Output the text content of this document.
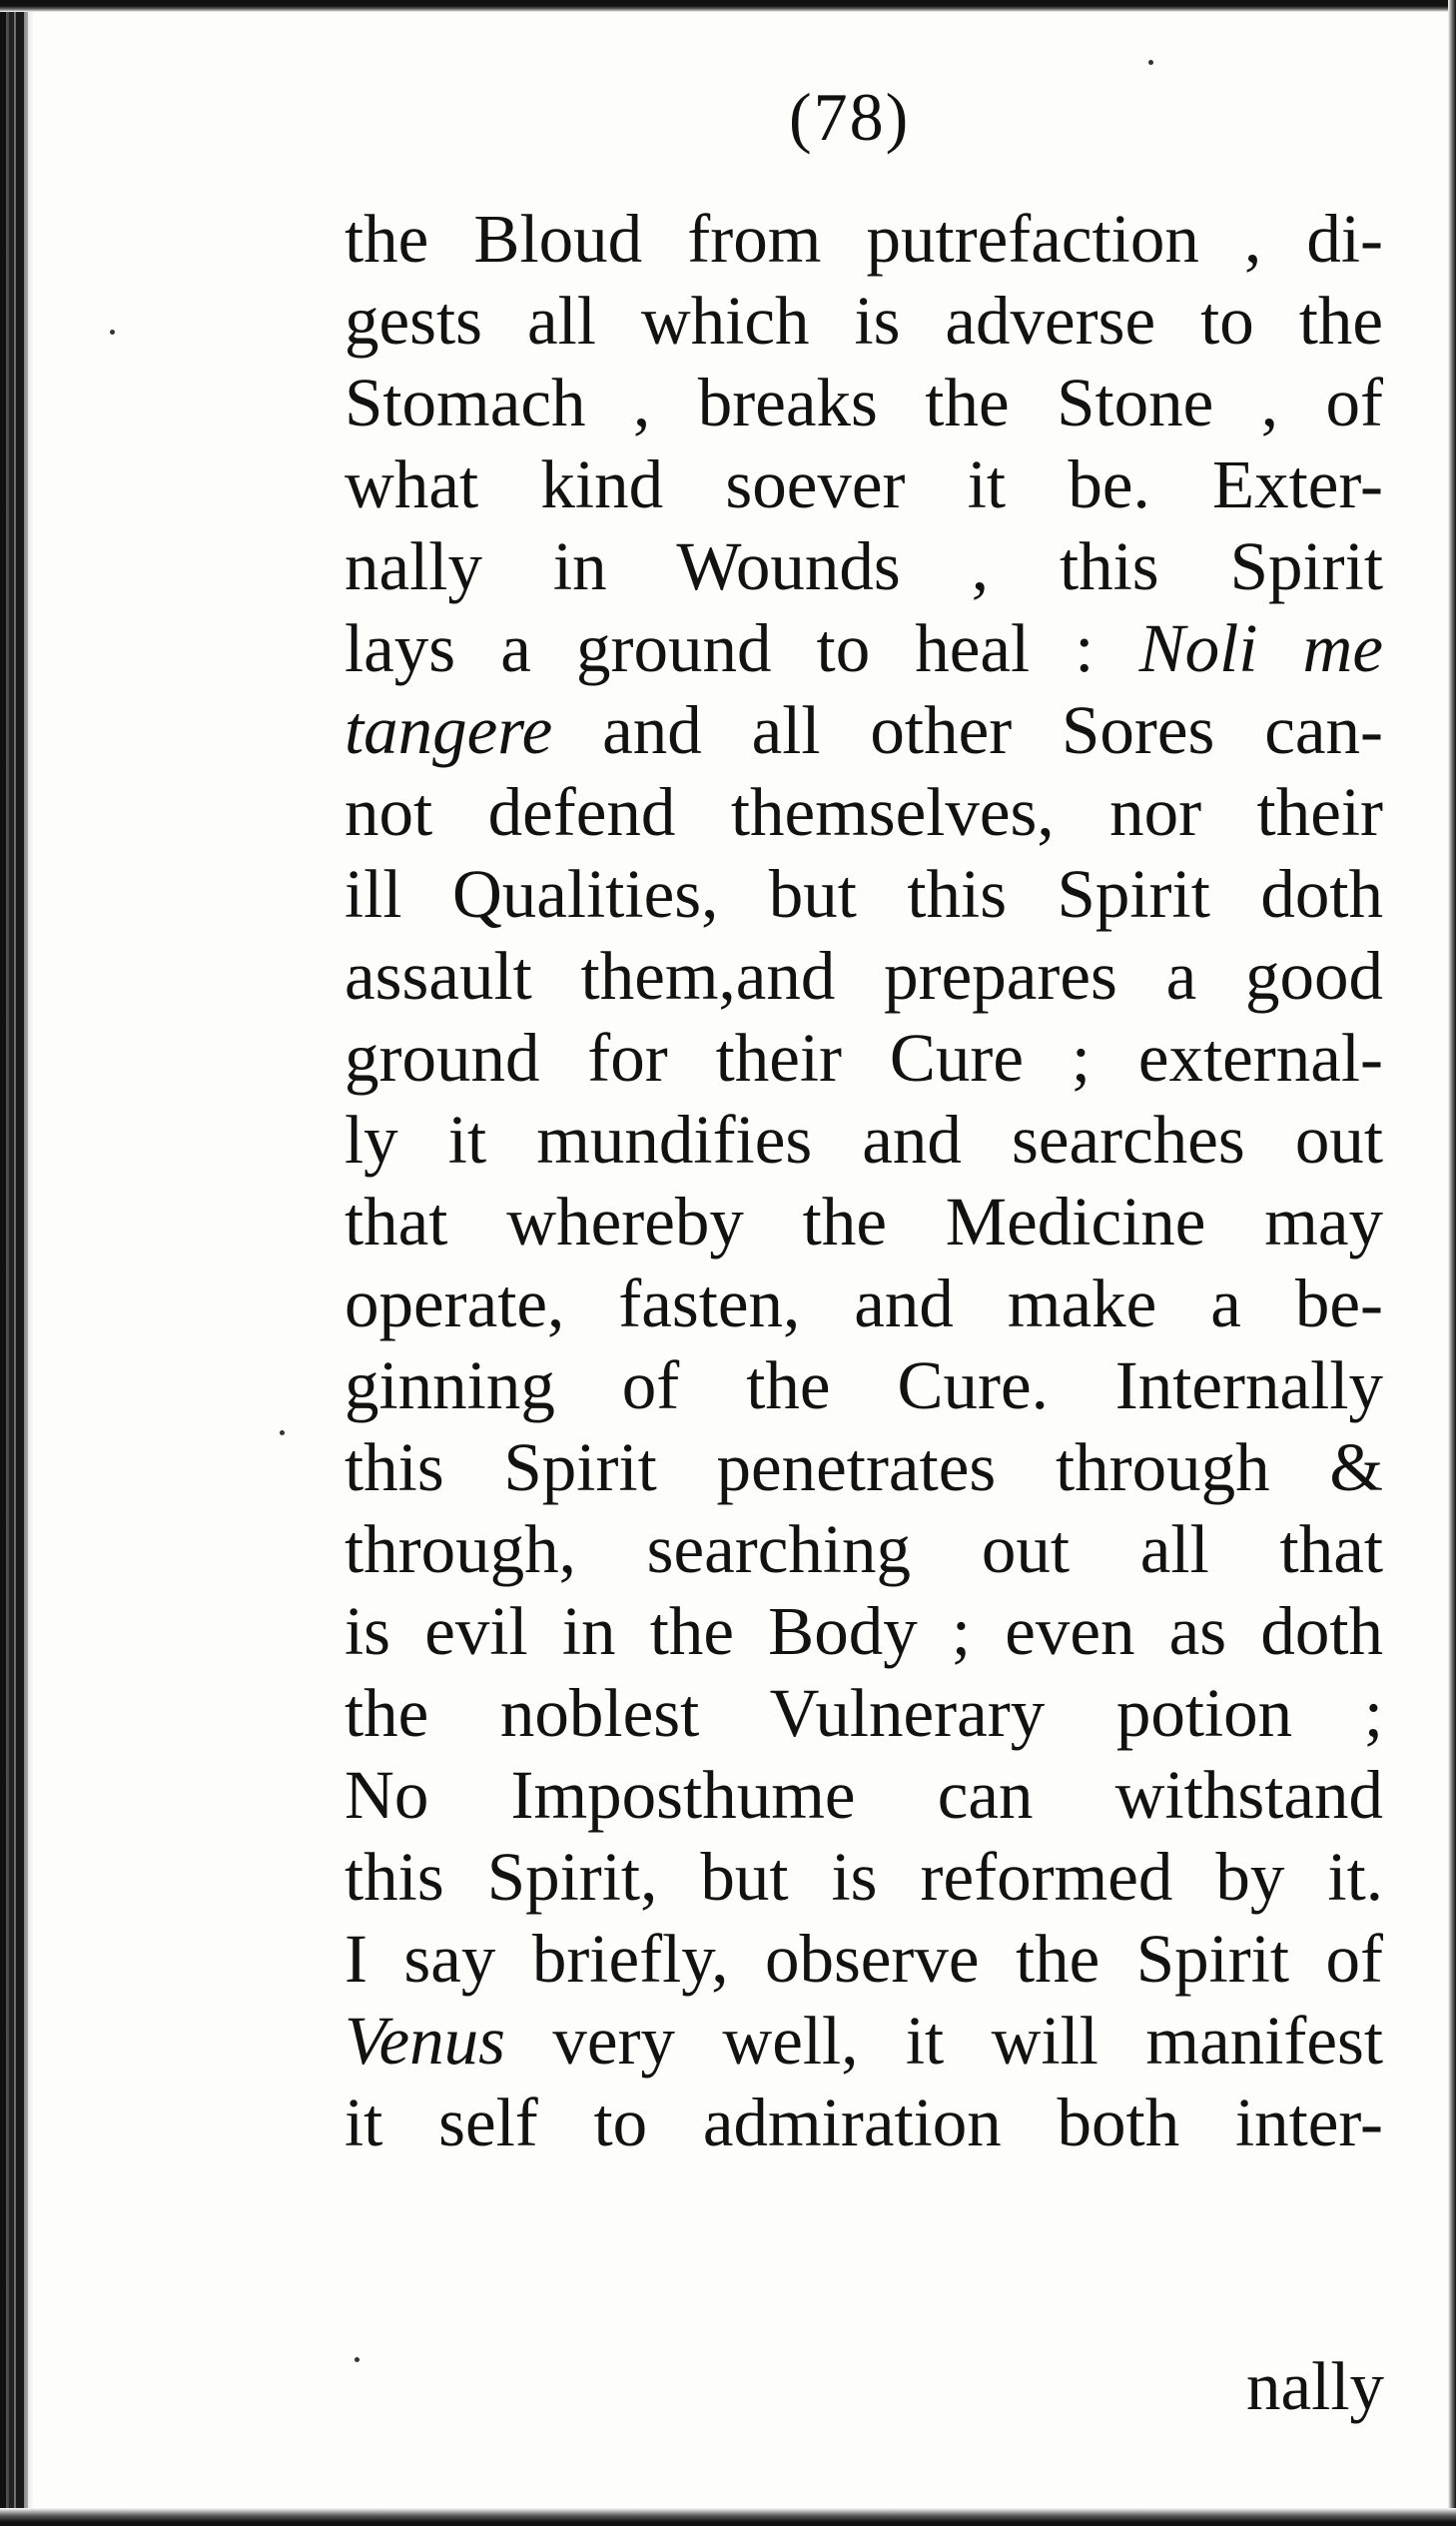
(78)
the Bloud from putrefaction , di-
gests all which is adverse to the
Stomach , breaks the Stone , of
what kind soever it be. Exter-
nally in Wounds , this Spirit
lays a ground to heal : Noli me
tangere and all other Sores can-
not defend themselves, nor their
ill Qualities, but this Spirit doth
assault them,and prepares a good
ground for their Cure ; external-
ly it mundifies and searches out
that whereby the Medicine may
operate, fasten, and make a be-
ginning of the Cure. Internally
this Spirit penetrates through &
through, searching out all that
is evil in the Body ; even as doth
the noblest Vulnerary potion ;
No Imposthume can withstand
this Spirit, but is reformed by it.
I say briefly, observe the Spirit of
Venus very well, it will manifest
it self to admiration both inter-
nally
